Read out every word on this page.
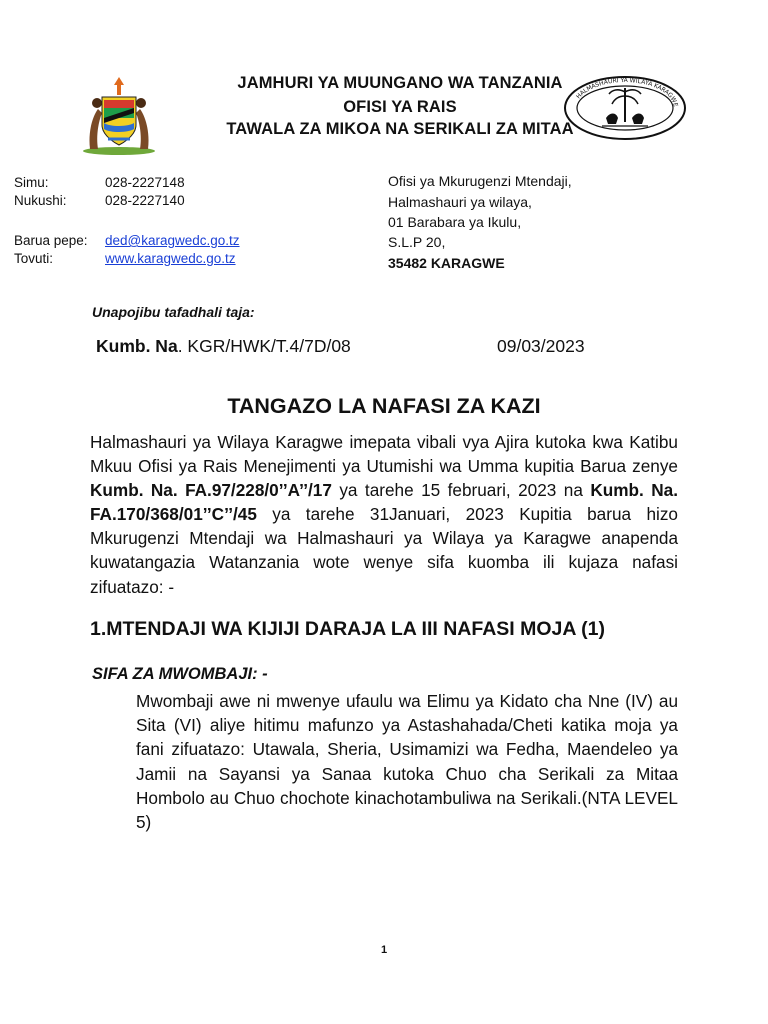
HALMASHAURI YA WILAYA KARAGWE
JAMHURI YA MUUNGANO WA TANZANIA
OFISI YA RAIS
TAWALA ZA MIKOA NA SERIKALI ZA MITAA
Simu:	028-2227148
Nukushi:	028-2227140
Barua pepe: ded@karagwedc.go.tz
Tovuti:	www.karagwedc.go.tz
Ofisi ya Mkurugenzi Mtendaji,
Halmashauri ya wilaya,
01 Barabara ya Ikulu,
S.L.P 20,
35482 KARAGWE
Unapojibu tafadhali taja:
Kumb. Na. KGR/HWK/T.4/7D/08	09/03/2023
TANGAZO LA NAFASI ZA KAZI
Halmashauri ya Wilaya Karagwe imepata vibali vya Ajira kutoka kwa Katibu Mkuu Ofisi ya Rais Menejimenti ya Utumishi wa Umma kupitia Barua zenye Kumb. Na. FA.97/228/0’’A’’/17 ya tarehe 15 februari, 2023 na Kumb. Na. FA.170/368/01’’C’’/45 ya tarehe 31Januari, 2023 Kupitia barua hizo Mkurugenzi Mtendaji wa Halmashauri ya Wilaya ya Karagwe anapenda kuwatangazia Watanzania wote wenye sifa kuomba ili kujaza nafasi zifuatazo: -
1.MTENDAJI WA KIJIJI DARAJA LA III NAFASI MOJA (1)
SIFA ZA MWOMBAJI: -
Mwombaji awe ni mwenye ufaulu wa Elimu ya Kidato cha Nne (IV) au Sita (VI) aliye hitimu mafunzo ya Astashahada/Cheti katika moja ya fani zifuatazo: Utawala, Sheria, Usimamizi wa Fedha, Maendeleo ya Jamii na Sayansi ya Sanaa kutoka Chuo cha Serikali za Mitaa Hombolo au Chuo chochote kinachotambuliwa na Serikali.(NTA LEVEL 5)
1
